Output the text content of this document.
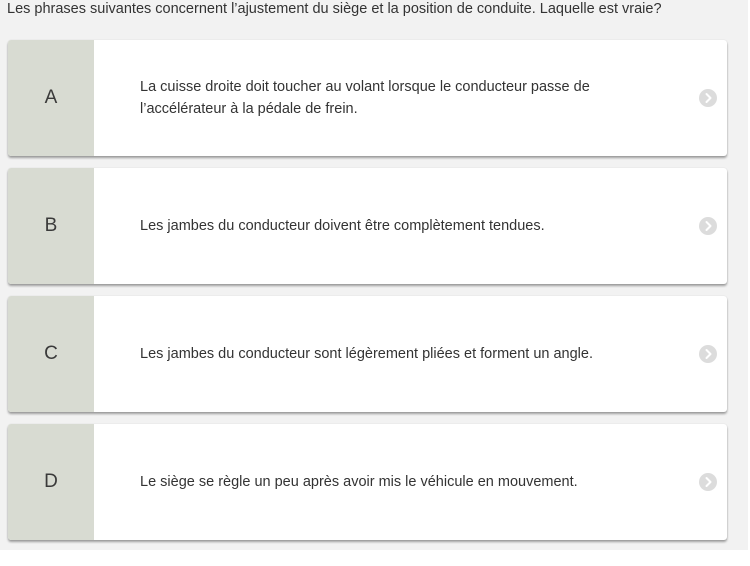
Les phrases suivantes concernent l’ajustement du siège et la position de conduite. Laquelle est vraie?
A	La cuisse droite doit toucher au volant lorsque le conducteur passe de l’accélérateur à la pédale de frein.
B	Les jambes du conducteur doivent être complètement tendues.
C	Les jambes du conducteur sont légèrement pliées et forment un angle.
D	Le siège se règle un peu après avoir mis le véhicule en mouvement.
